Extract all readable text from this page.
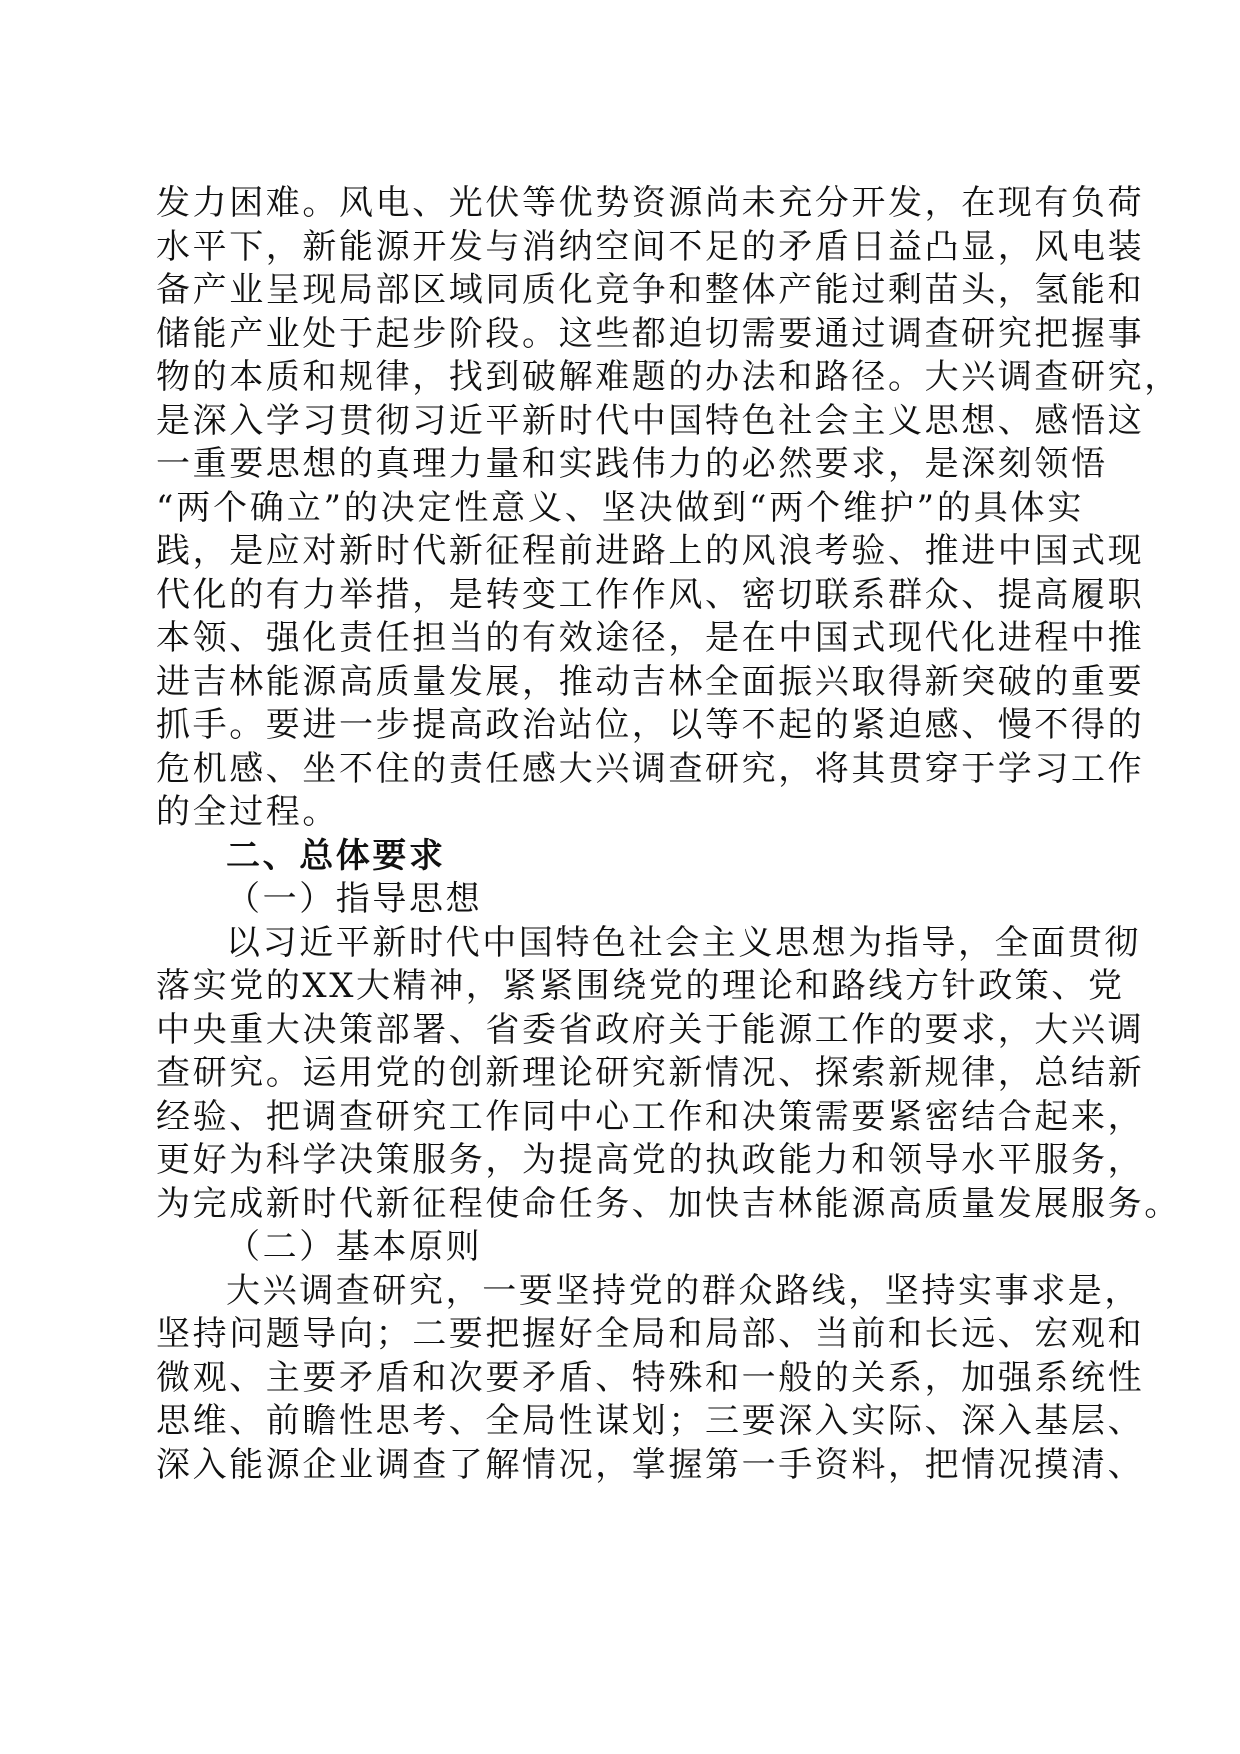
发力困难。风电、光伏等优势资源尚未充分开发，在现有负荷
水平下，新能源开发与消纳空间不足的矛盾日益凸显，风电装
备产业呈现局部区域同质化竞争和整体产能过剩苗头，氢能和
储能产业处于起步阶段。这些都迫切需要通过调查研究把握事
物的本质和规律，找到破解难题的办法和路径。大兴调查研究，
是深入学习贯彻习近平新时代中国特色社会主义思想、感悟这
一重要思想的真理力量和实践伟力的必然要求，是深刻领悟
“两个确立”的决定性意义、坚决做到“两个维护”的具体实
践，是应对新时代新征程前进路上的风浪考验、推进中国式现
代化的有力举措，是转变工作作风、密切联系群众、提高履职
本领、强化责任担当的有效途径，是在中国式现代化进程中推
进吉林能源高质量发展，推动吉林全面振兴取得新突破的重要
抓手。要进一步提高政治站位，以等不起的紧迫感、慢不得的
危机感、坐不住的责任感大兴调查研究，将其贯穿于学习工作
的全过程。
二、总体要求
（一）指导思想
以习近平新时代中国特色社会主义思想为指导，全面贯彻
落实党的XX大精神，紧紧围绕党的理论和路线方针政策、党
中央重大决策部署、省委省政府关于能源工作的要求，大兴调
查研究。运用党的创新理论研究新情况、探索新规律，总结新
经验、把调查研究工作同中心工作和决策需要紧密结合起来，
更好为科学决策服务，为提高党的执政能力和领导水平服务，
为完成新时代新征程使命任务、加快吉林能源高质量发展服务。
（二）基本原则
大兴调查研究，一要坚持党的群众路线，坚持实事求是，
坚持问题导向；二要把握好全局和局部、当前和长远、宏观和
微观、主要矛盾和次要矛盾、特殊和一般的关系，加强系统性
思维、前瞻性思考、全局性谋划；三要深入实际、深入基层、
深入能源企业调查了解情况，掌握第一手资料，把情况摸清、
